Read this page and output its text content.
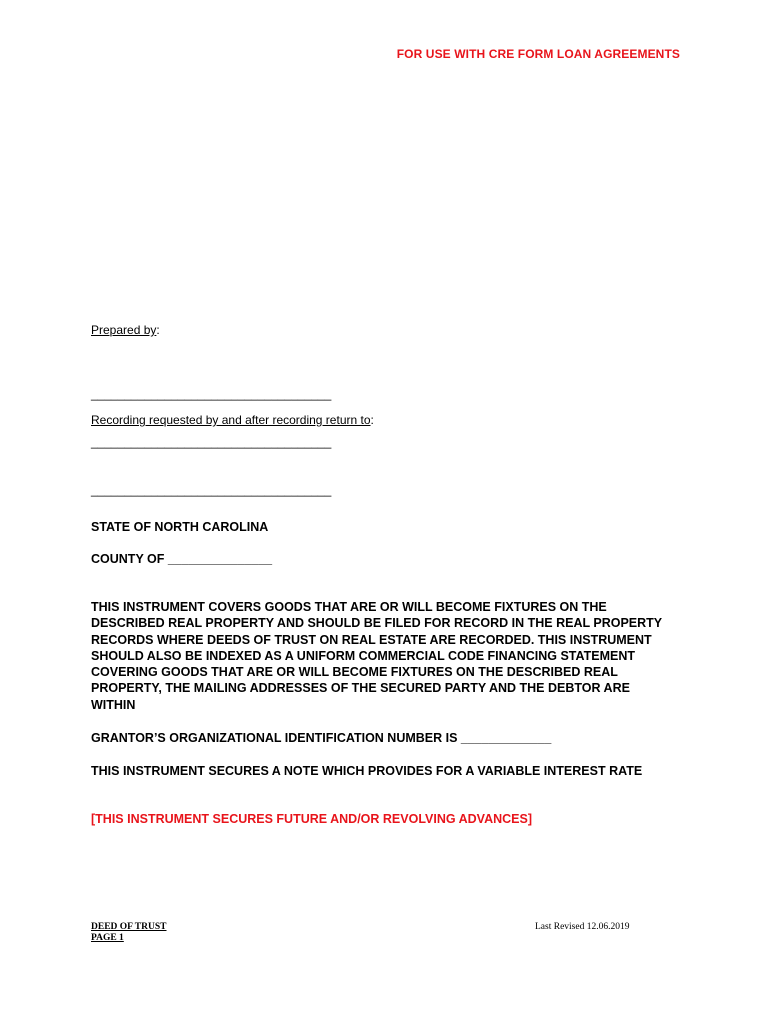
FOR USE WITH CRE FORM LOAN AGREEMENTS
Prepared by:

____________________________________

____________________________________

____________________________________

Recording requested by and after recording return to:
STATE OF NORTH CAROLINA
COUNTY OF _______________
THIS INSTRUMENT COVERS GOODS THAT ARE OR WILL BECOME FIXTURES ON THE DESCRIBED REAL PROPERTY AND SHOULD BE FILED FOR RECORD IN THE REAL PROPERTY RECORDS WHERE DEEDS OF TRUST ON REAL ESTATE ARE RECORDED. THIS INSTRUMENT SHOULD ALSO BE INDEXED AS A UNIFORM COMMERCIAL CODE FINANCING STATEMENT COVERING GOODS THAT ARE OR WILL BECOME FIXTURES ON THE DESCRIBED REAL PROPERTY, THE MAILING ADDRESSES OF THE SECURED PARTY AND THE DEBTOR ARE WITHIN
GRANTOR’S ORGANIZATIONAL IDENTIFICATION NUMBER IS _____________
THIS INSTRUMENT SECURES A NOTE WHICH PROVIDES FOR A VARIABLE INTEREST RATE
[THIS INSTRUMENT SECURES FUTURE AND/OR REVOLVING ADVANCES]
DEED OF TRUST
PAGE 1
Last Revised 12.06.2019
